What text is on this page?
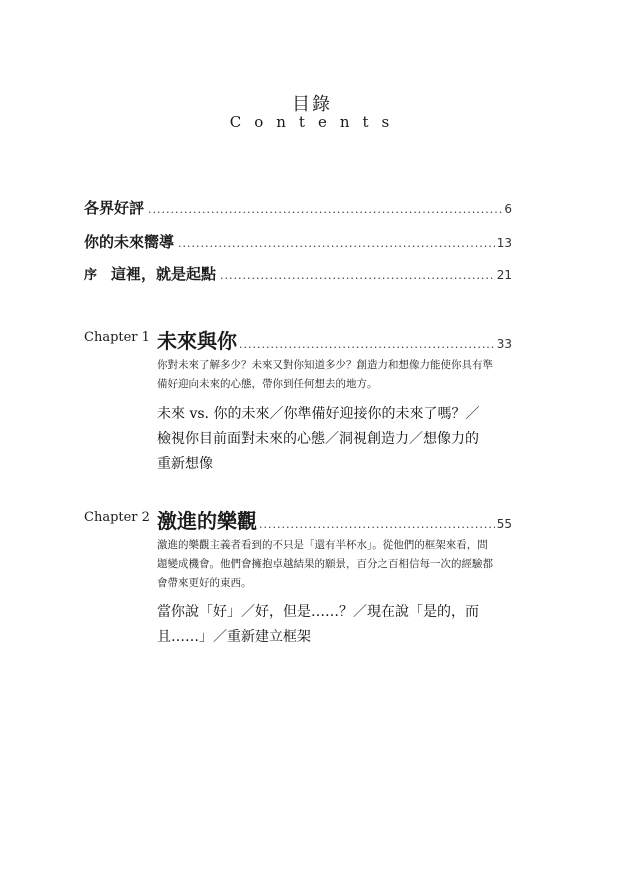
目錄
Contents
各界好評 .....	6
你的未來嚮導 .....	13
序 這裡，就是起點 .....	21
Chapter 1 未來與你 .....	33
你對未來了解多少？未來又對你知道多少？創造力和想像力能使你具有準
備好迎向未來的心態，帶你到任何想去的地方。
未來 vs. 你的未來／你準備好迎接你的未來了嗎？／
檢視你目前面對未來的心態／洞視創造力／想像力的
重新想像
Chapter 2 激進的樂觀 .....	55
激進的樂觀主義者看到的不只是「還有半杯水」。從他們的框架來看，問
題變成機會。他們會擁抱卓越結果的願景，百分之百相信每一次的經驗都
會帶來更好的東西。
當你說「好」／好，但是……？／現在說「是的，而
且……」／重新建立框架
